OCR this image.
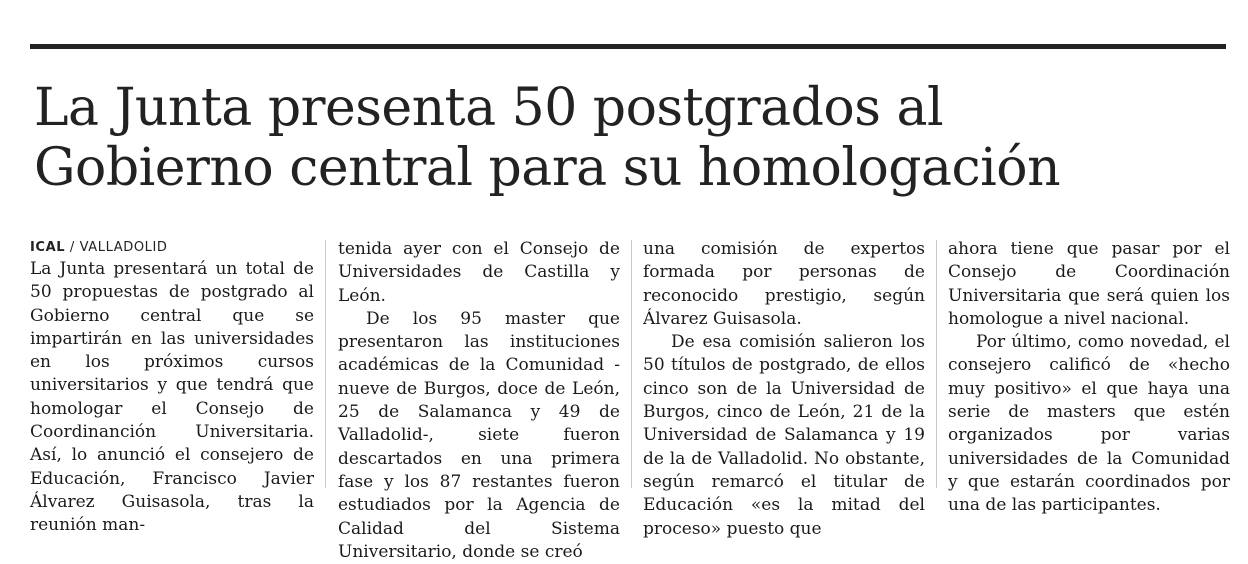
La Junta presenta 50 postgrados al
Gobierno central para su homologación
ICAL / VALLADOLID

La Junta presentará un total de 50 propuestas de postgrado al Gobierno central que se impartirán en las universidades en los próximos cursos universitarios y que tendrá que homologar el Consejo de Coordinanción Universitaria. Así, lo anunció el consejero de Educación, Francisco Javier Álvarez Guisasola, tras la reunión man-

tenida ayer con el Consejo de Universidades de Castilla y León.

De los 95 master que presentaron las instituciones académicas de la Comunidad -nueve de Burgos, doce de León, 25 de Salamanca y 49 de Valladolid-, siete fueron descartados en una primera fase y los 87 restantes fueron estudiados por la Agencia de Calidad del Sistema Universitario, donde se creó

una comisión de expertos formada por personas de reconocido prestigio, según Álvarez Guisasola.

De esa comisión salieron los 50 títulos de postgrado, de ellos cinco son de la Universidad de Burgos, cinco de León, 21 de la Universidad de Salamanca y 19 de la de Valladolid. No obstante, según remarcó el titular de Educación «es la mitad del proceso» puesto que

ahora tiene que pasar por el Consejo de Coordinación Universitaria que será quien los homologue a nivel nacional.

Por último, como novedad, el consejero calificó de «hecho muy positivo» el que haya una serie de masters que estén organizados por varias universidades de la Comunidad y que estarán coordinados por una de las participantes.
